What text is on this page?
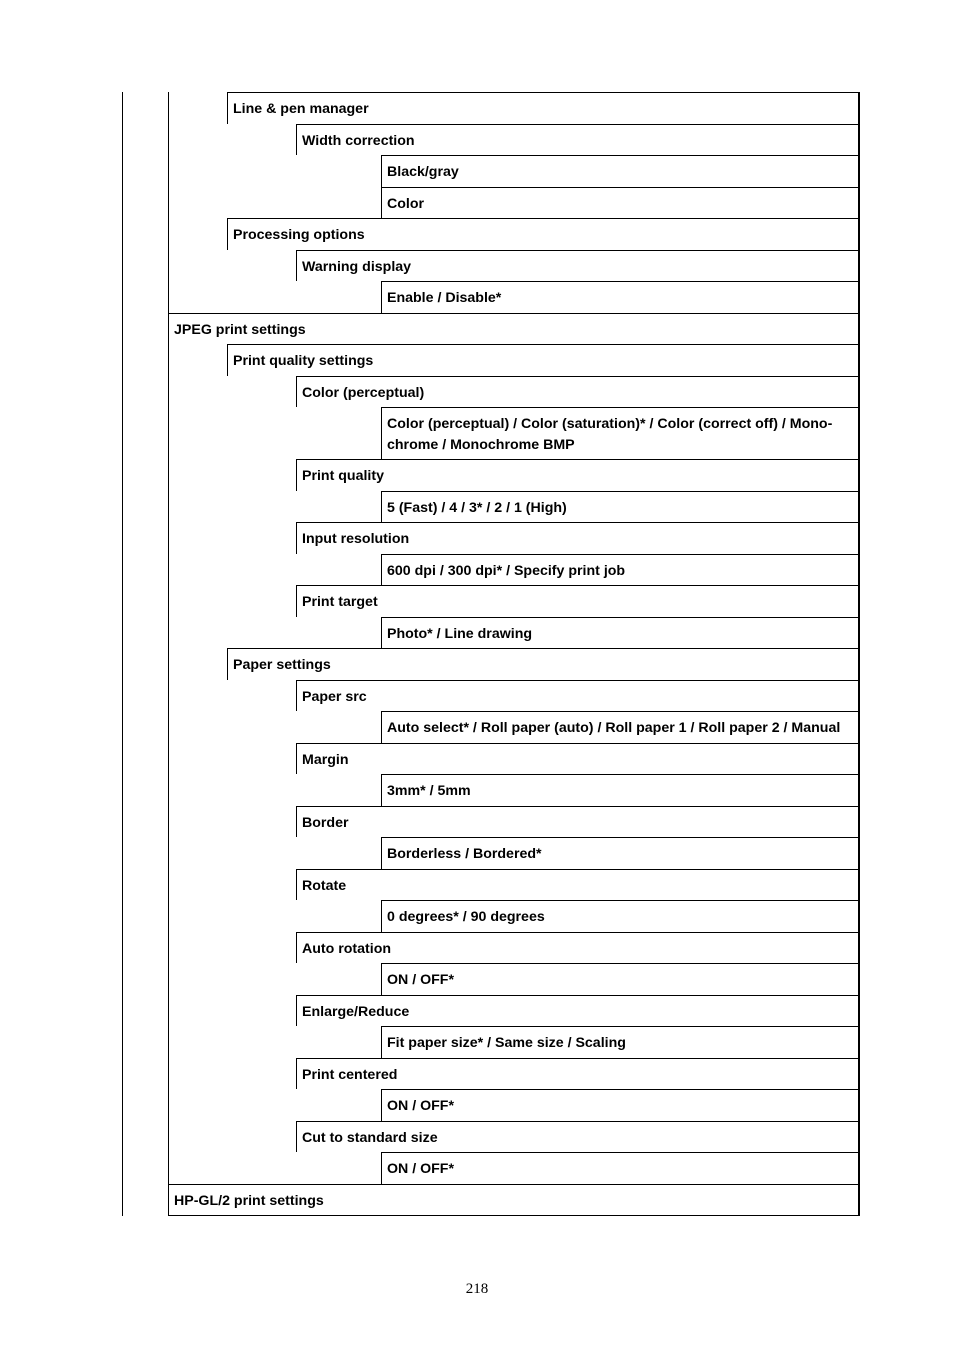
Line & pen manager
Width correction
Black/gray
Color
Processing options
Warning display
Enable / Disable*
JPEG print settings
Print quality settings
Color (perceptual)
Color (perceptual) / Color (saturation)* / Color (correct off) / Mono-
chrome / Monochrome BMP
Print quality
5 (Fast) / 4 / 3* / 2 / 1 (High)
Input resolution
600 dpi / 300 dpi* / Specify print job
Print target
Photo* / Line drawing
Paper settings
Paper src
Auto select* / Roll paper (auto) / Roll paper 1 / Roll paper 2 / Manual
Margin
3mm* / 5mm
Border
Borderless / Bordered*
Rotate
0 degrees* / 90 degrees
Auto rotation
ON / OFF*
Enlarge/Reduce
Fit paper size* / Same size / Scaling
Print centered
ON / OFF*
Cut to standard size
ON / OFF*
HP-GL/2 print settings
218
